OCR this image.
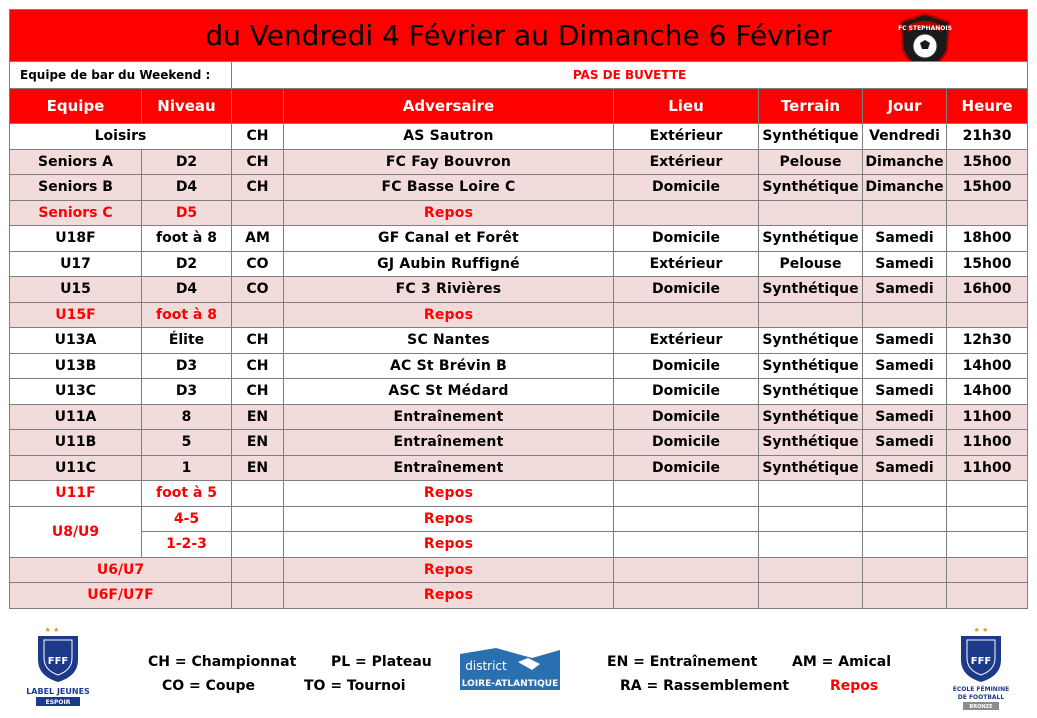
du Vendredi 4 Février au Dimanche 6 Février FC STEPHANOIS							

Equipe de bar du Weekend :		PAS DE BUVETTE					
Equipe	Niveau		Adversaire	Lieu	Terrain	Jour	Heure
Loisirs		CH	AS Sautron	Extérieur	Synthétique	Vendredi	21h30
Seniors A	D2	CH	FC Fay Bouvron	Extérieur	Pelouse	Dimanche	15h00
Seniors B	D4	CH	FC Basse Loire C	Domicile	Synthétique	Dimanche	15h00
Seniors C	D5		Repos				
U18F	foot à 8	AM	GF Canal et Forêt	Domicile	Synthétique	Samedi	18h00
U17	D2	CO	GJ Aubin Ruffigné	Extérieur	Pelouse	Samedi	15h00
U15	D4	CO	FC 3 Rivières	Domicile	Synthétique	Samedi	16h00
U15F	foot à 8		Repos				
U13A	Élite	CH	SC Nantes	Extérieur	Synthétique	Samedi	12h30
U13B	D3	CH	AC St Brévin B	Domicile	Synthétique	Samedi	14h00
U13C	D3	CH	ASC St Médard	Domicile	Synthétique	Samedi	14h00
U11A	8	EN	Entraînement	Domicile	Synthétique	Samedi	11h00
U11B	5	EN	Entraînement	Domicile	Synthétique	Samedi	11h00
U11C	1	EN	Entraînement	Domicile	Synthétique	Samedi	11h00
U11F	foot à 5		Repos				
U8/U9	4-5		Repos				
	1-2-3		Repos				
U6/U7			Repos				
U6F/U7F			Repos				
★ ★
FFF
LABEL JEUNES
ESPOIR
CH = Championnat PL = Plateau
CO = Coupe	TO = Tournoi
district
LOIRE-ATLANTIQUE
EN = Entraînement AM = Amical
RA = Rassemblement	Repos
★ ★
FFF
ÉCOLE FÉMININE
DE FOOTBALL
BRONZE
